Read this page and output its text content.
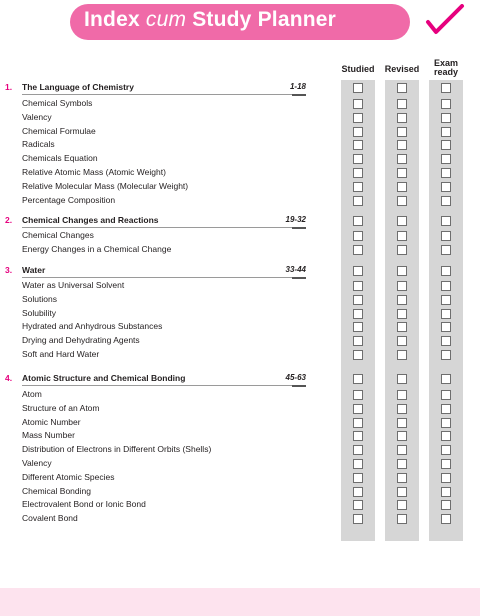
Index cum Study Planner
Studied	Revised
Exam
ready
1. The Language of Chemistry	1-18
Chemical Symbols
Valency
Chemical Formulae
Radicals
Chemicals Equation
Relative Atomic Mass (Atomic Weight)
Relative Molecular Mass (Molecular Weight)
Percentage Composition
2. Chemical Changes and Reactions	19-32
Chemical Changes
Energy Changes in a Chemical Change
3. Water	33-44
Water as Universal Solvent
Solutions
Solubility
Hydrated and Anhydrous Substances
Drying and Dehydrating Agents
Soft and Hard Water
4. Atomic Structure and Chemical Bonding	45-63
Atom
Structure of an Atom
Atomic Number
Mass Number
Distribution of Electrons in Different Orbits (Shells)
Valency
Different Atomic Species
Chemical Bonding
Electrovalent Bond or Ionic Bond
Covalent Bond
